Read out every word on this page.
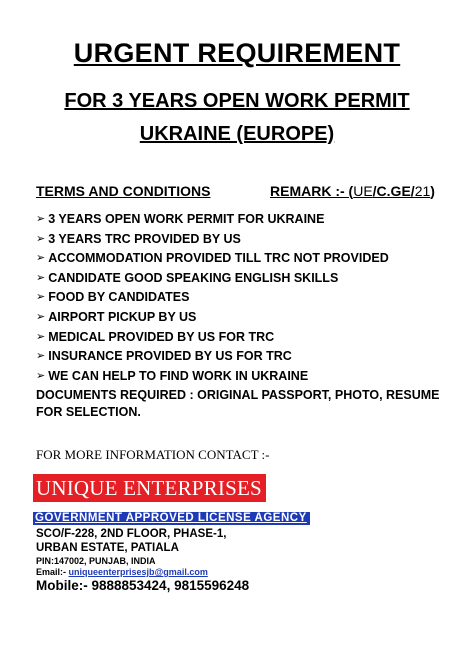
URGENT REQUIREMENT
FOR 3 YEARS OPEN WORK PERMIT
UKRAINE (EUROPE)
TERMS AND CONDITIONS	REMARK :- (UE/C.GE/21)
➢ 3 YEARS OPEN WORK PERMIT FOR UKRAINE
➢ 3 YEARS TRC PROVIDED BY US
➢ ACCOMMODATION PROVIDED TILL TRC NOT PROVIDED
➢ CANDIDATE GOOD SPEAKING ENGLISH SKILLS
➢ FOOD BY CANDIDATES
➢ AIRPORT PICKUP BY US
➢ MEDICAL PROVIDED BY US FOR TRC
➢ INSURANCE PROVIDED BY US FOR TRC
➢ WE CAN HELP TO FIND WORK IN UKRAINE
DOCUMENTS REQUIRED : ORIGINAL PASSPORT, PHOTO, RESUME FOR SELECTION.
FOR MORE INFORMATION CONTACT :-
UNIQUE ENTERPRISES
GOVERNMENT APPROVED LICENSE AGENCY
SCO/F-228, 2ND FLOOR, PHASE-1,
URBAN ESTATE, PATIALA
PIN:147002, PUNJAB, INDIA
Email:- uniqueenterprisesjb@gmail.com
Mobile:- 9888853424, 9815596248
